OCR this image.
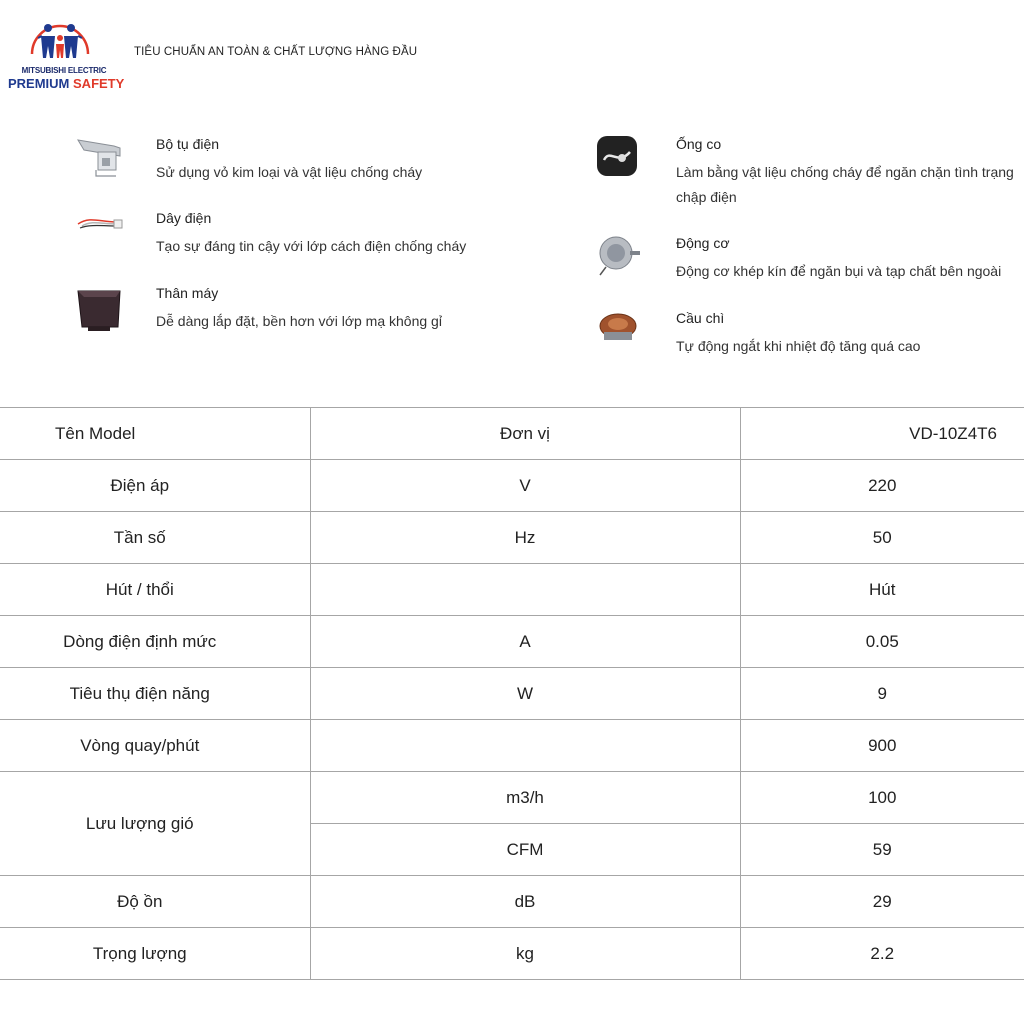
MITSUBISHI ELECTRIC
PREMIUM SAFETY
TIÊU CHUẨN AN TOÀN & CHẤT LƯỢNG HÀNG ĐẦU
Bộ tụ điện
Sử dụng vỏ kim loại và vật liệu chống cháy
Dây điện
Tạo sự đáng tin cậy với lớp cách điện chống cháy
Thân máy
Dễ dàng lắp đặt, bền hơn với lớp mạ không gỉ
Ống co
Làm bằng vật liệu chống cháy để ngăn chặn tình trạng chập điện
Động cơ
Động cơ khép kín để ngăn bụi và tạp chất bên ngoài
Cầu chì
Tự động ngắt khi nhiệt độ tăng quá cao
Tên Model	Đơn vị	VD-10Z4T6
Điện áp	V	220
Tần số	Hz	50
Hút / thổi		Hút
Dòng điện định mức	A	0.05
Tiêu thụ điện năng	W	9
Vòng quay/phút		900
Lưu lượng gió	m3/h	100
	CFM	59
Độ ồn	dB	29
Trọng lượng	kg	2.2
